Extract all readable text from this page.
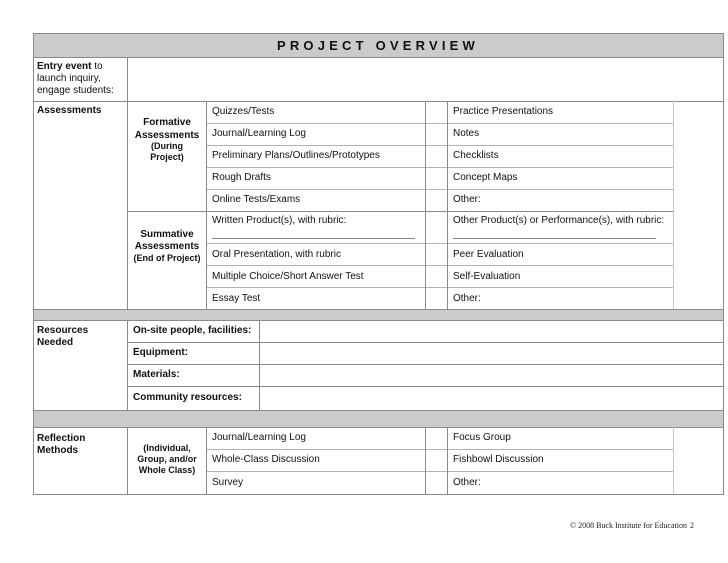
PROJECT OVERVIEW
Entry event to
launch inquiry,
engage students:
Assessments
Formative
Assessments
(During
Project)
Quizzes/Tests
Journal/Learning Log
Preliminary Plans/Outlines/Prototypes
Rough Drafts
Online Tests/Exams
Practice Presentations
Notes
Checklists
Concept Maps
Other:
Summative
Assessments
(End of Project)
Written Product(s), with rubric:
Oral Presentation, with rubric
Multiple Choice/Short Answer Test
Essay Test
Other Product(s) or Performance(s), with rubric:
Peer Evaluation
Self-Evaluation
Other:
Resources
Needed
On-site people, facilities:
Equipment:
Materials:
Community resources:
Reflection
Methods	(Individual,
Group, and/or
Whole Class)
Journal/Learning Log
Whole-Class Discussion
Survey
Focus Group
Fishbowl Discussion
Other:
© 2008 Buck Institute for Education 2
